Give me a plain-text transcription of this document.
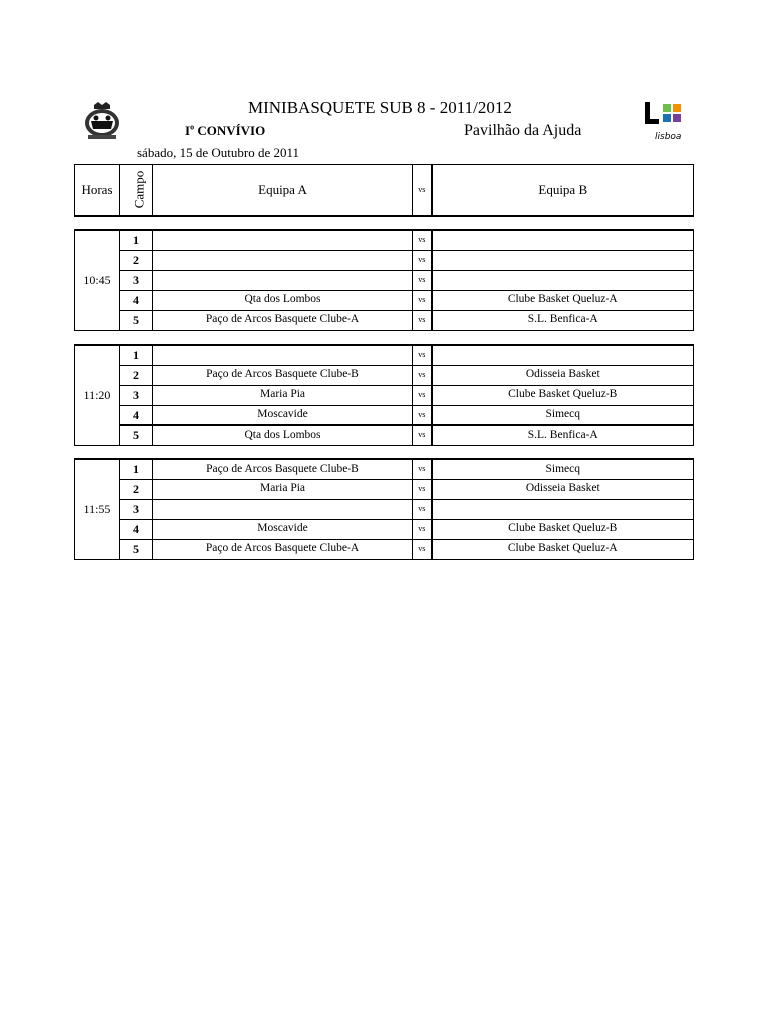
MINIBASQUETE SUB 8 - 2011/2012
$I^o$ CONVÍVIO	Pavilhão da Ajuda
sábado, 15 de Outubro de 2011
lisboa
Horas	Campo	Equipa A	vs	Equipa B
10:45	1		vs	
	2		vs	
	3		vs	
	4	Qta dos Lombos	vs	Clube Basket Queluz-A
	5	Paço de Arcos Basquete Clube-A	vs	S.L. Benfica-A
11:20	1		vs	
	2	Paço de Arcos Basquete Clube-B	vs	Odisseia Basket
	3	Maria Pia	vs	Clube Basket Queluz-B
	4	Moscavide	vs	Simecq
	5	Qta dos Lombos	vs	S.L. Benfica-A
11:55	1	Paço de Arcos Basquete Clube-B	vs	Simecq
	2	Maria Pia	vs	Odisseia Basket
	3		vs	
	4	Moscavide	vs	Clube Basket Queluz-B
	5	Paço de Arcos Basquete Clube-A	vs	Clube Basket Queluz-A
